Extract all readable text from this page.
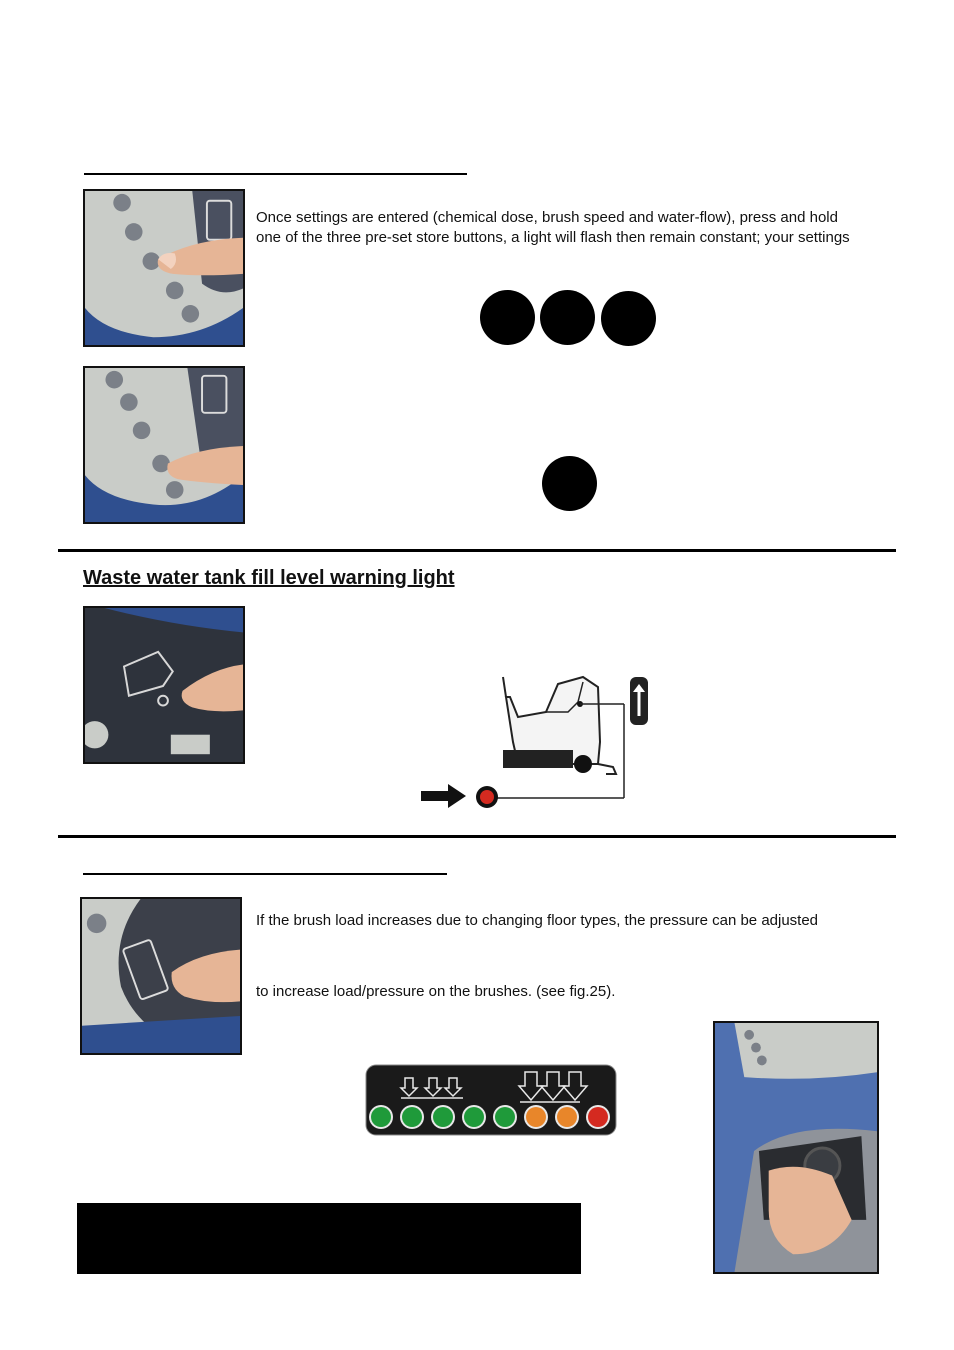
Once settings are entered (chemical dose, brush speed and water-flow), press and hold
one of the three pre-set store buttons, a light will flash then remain constant; your settings
Waste water tank fill level warning light
If the brush load increases due to changing floor types, the pressure can be adjusted
to increase load/pressure on the brushes. (see fig.25).
